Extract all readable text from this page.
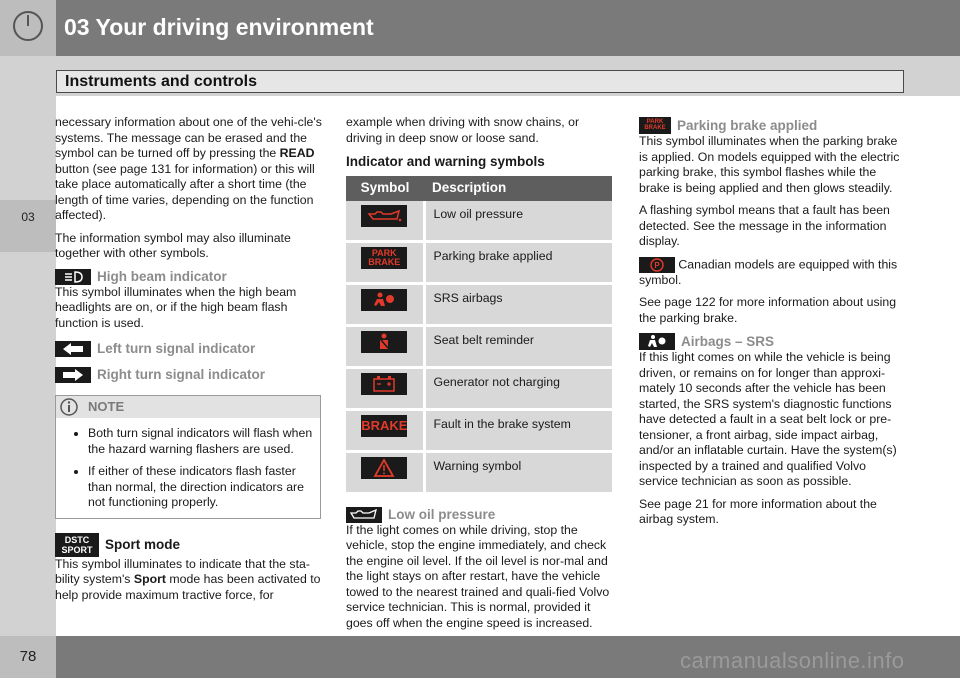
03 Your driving environment
Instruments and controls
03

necessary information about one of the vehi-cle's systems. The message can be erased and the symbol can be turned off by pressing the READ button (see page 131 for information) or this will take place automatically after a short time (the length of time varies, depending on the function affected).

The information symbol may also illuminate together with other symbols.

High beam indicator

This symbol illuminates when the high beam headlights are on, or if the high beam flash function is used.

Left turn signal indicator
Right turn signal indicator
NOTE
• Both turn signal indicators will flash when the hazard warning flashers are used.
• If either of these indicators flash faster than normal, the direction indicators are not functioning properly.
DSTC
SPORT Sport mode

This symbol illuminates to indicate that the sta-bility system's Sport mode has been activated to help provide maximum tractive force, for

example when driving with snow chains, or driving in deep snow or loose sand.

Indicator and warning symbols
Symbol	Description
	Low oil pressure

PARK
BRAKE	Parking brake applied
	SRS airbags
	Seat belt reminder
	Generator not charging

BRAKE	Fault in the brake system
	Warning symbol
Low oil pressure

If the light comes on while driving, stop the vehicle, stop the engine immediately, and check the engine oil level. If the oil level is nor-mal and the light stays on after restart, have the vehicle towed to the nearest trained and quali-fied Volvo service technician. This is normal, provided it goes off when the engine speed is increased.

PARK
BRAKE Parking brake applied

This symbol illuminates when the parking brake is applied. On models equipped with the electric parking brake, this symbol flashes while the brake is being applied and then glows steadily.

A flashing symbol means that a fault has been detected. See the message in the information display.

P Canadian models are equipped with this symbol.

See page 122 for more information about using the parking brake.

Airbags – SRS

If this light comes on while the vehicle is being driven, or remains on for longer than approxi-mately 10 seconds after the vehicle has been started, the SRS system's diagnostic functions have detected a fault in a seat belt lock or pre-tensioner, a front airbag, side impact airbag, and/or an inflatable curtain. Have the system(s) inspected by a trained and qualified Volvo service technician as soon as possible.

See page 21 for more information about the airbag system.

78	carmanualsonline.info
